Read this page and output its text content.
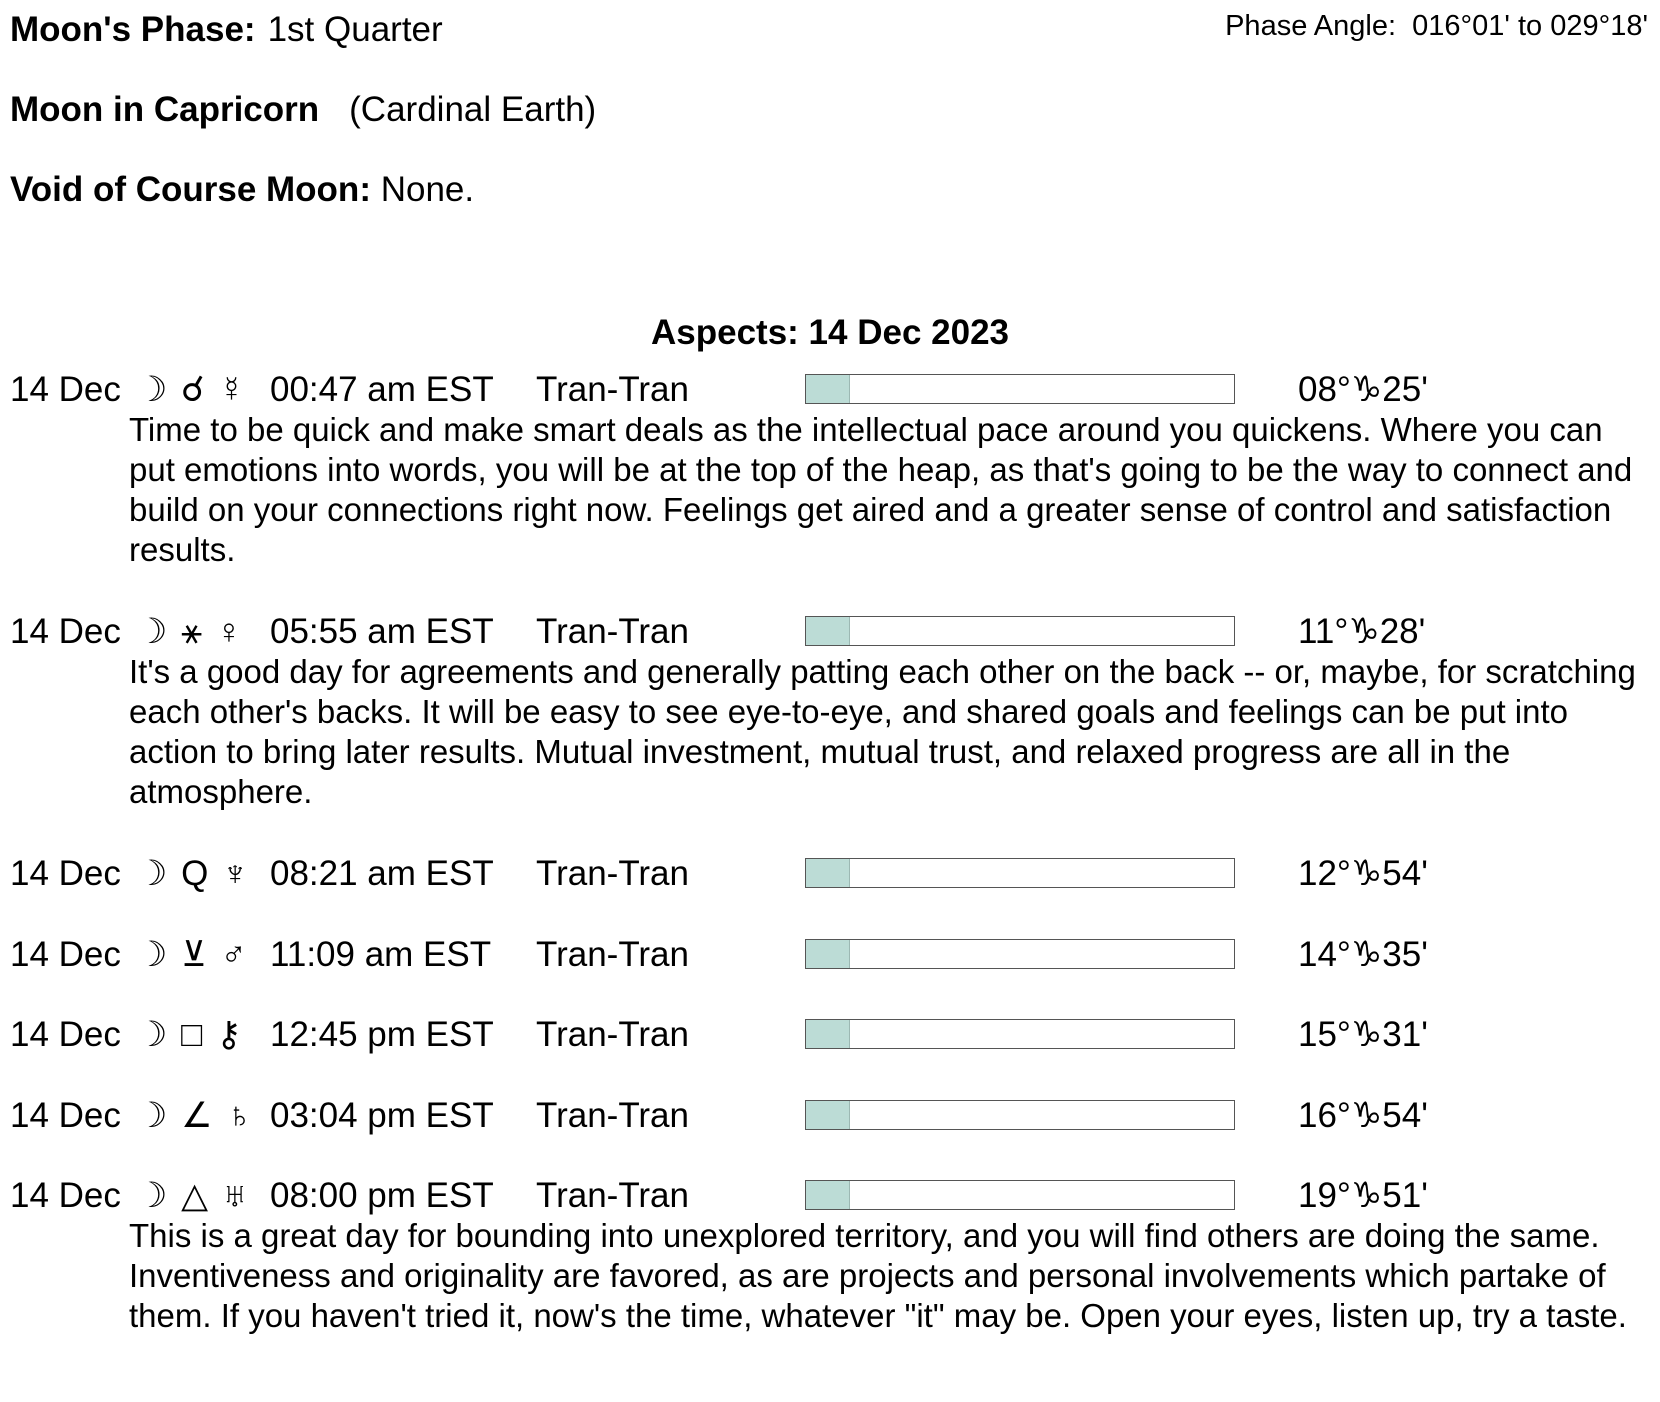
Moon's Phase: 1st Quarter	Phase Angle: 016°01' to 029°18'
Moon in Capricorn (Cardinal Earth)
Void of Course Moon: None.
Aspects: 14 Dec 2023
14 Dec ☽ ☌ ☿ 00:47 am EST Tran-Tran	08°♑25'
Time to be quick and make smart deals as the intellectual pace around you quickens. Where you can put emotions into words, you will be at the top of the heap, as that's going to be the way to connect and build on your connections right now. Feelings get aired and a greater sense of control and satisfaction results.
14 Dec ☽ ⚹ ♀ 05:55 am EST Tran-Tran	11°♑28'
It's a good day for agreements and generally patting each other on the back -- or, maybe, for scratching each other's backs. It will be easy to see eye-to-eye, and shared goals and feelings can be put into action to bring later results. Mutual investment, mutual trust, and relaxed progress are all in the atmosphere.
14 Dec ☽ Q ♆ 08:21 am EST Tran-Tran	12°♑54'
14 Dec ☽ ⊻ ♂ 11:09 am EST Tran-Tran	14°♑35'
14 Dec ☽ □ ⚷ 12:45 pm EST Tran-Tran	15°♑31'
14 Dec ☽ ∠ ♄ 03:04 pm EST Tran-Tran	16°♑54'
14 Dec ☽ △ ♅ 08:00 pm EST Tran-Tran	19°♑51'
This is a great day for bounding into unexplored territory, and you will find others are doing the same. Inventiveness and originality are favored, as are projects and personal involvements which partake of them. If you haven't tried it, now's the time, whatever "it" may be. Open your eyes, listen up, try a taste.
